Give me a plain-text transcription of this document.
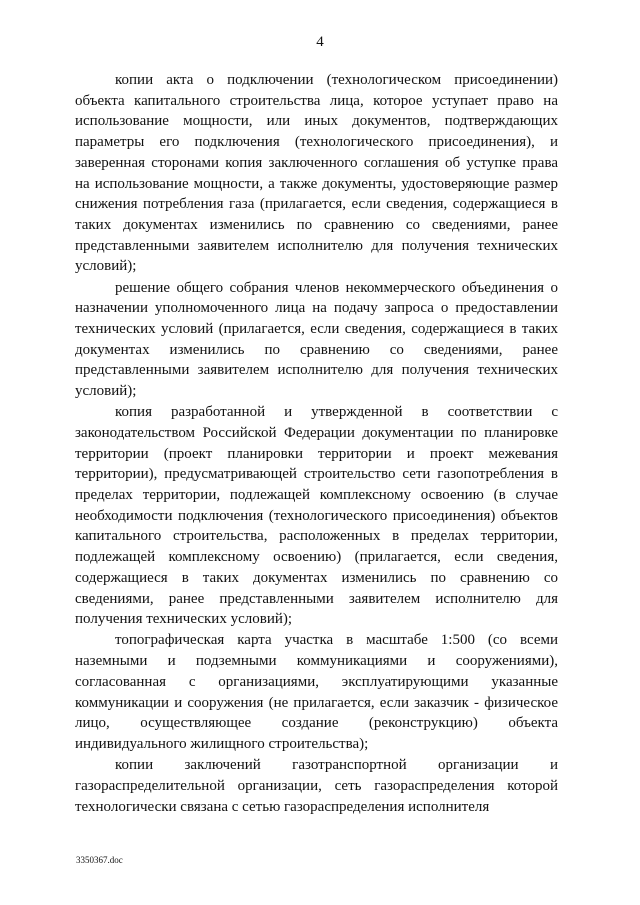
4

копии акта о подключении (технологическом присоединении) объекта капитального строительства лица, которое уступает право на использование мощности, или иных документов, подтверждающих параметры его подключения (технологического присоединения), и заверенная сторонами копия заключенного соглашения об уступке права на использование мощности, а также документы, удостоверяющие размер снижения потребления газа (прилагается, если сведения, содержащиеся в таких документах изменились по сравнению со сведениями, ранее представленными заявителем исполнителю для получения технических условий);

решение общего собрания членов некоммерческого объединения о назначении уполномоченного лица на подачу запроса о предоставлении технических условий (прилагается, если сведения, содержащиеся в таких документах изменились по сравнению со сведениями, ранее представленными заявителем исполнителю для получения технических условий);

копия разработанной и утвержденной в соответствии с законодательством Российской Федерации документации по планировке территории (проект планировки территории и проект межевания территории), предусматривающей строительство сети газопотребления в пределах территории, подлежащей комплексному освоению (в случае необходимости подключения (технологического присоединения) объектов капитального строительства, расположенных в пределах территории, подлежащей комплексному освоению) (прилагается, если сведения, содержащиеся в таких документах изменились по сравнению со сведениями, ранее представленными заявителем исполнителю для получения технических условий);

топографическая карта участка в масштабе 1:500 (со всеми наземными и подземными коммуникациями и сооружениями), согласованная с организациями, эксплуатирующими указанные коммуникации и сооружения (не прилагается, если заказчик - физическое лицо, осуществляющее создание (реконструкцию) объекта индивидуального жилищного строительства);

копии заключений газотранспортной организации и газораспределительной организации, сеть газораспределения которой технологически связана с сетью газораспределения исполнителя

3350367.doc
